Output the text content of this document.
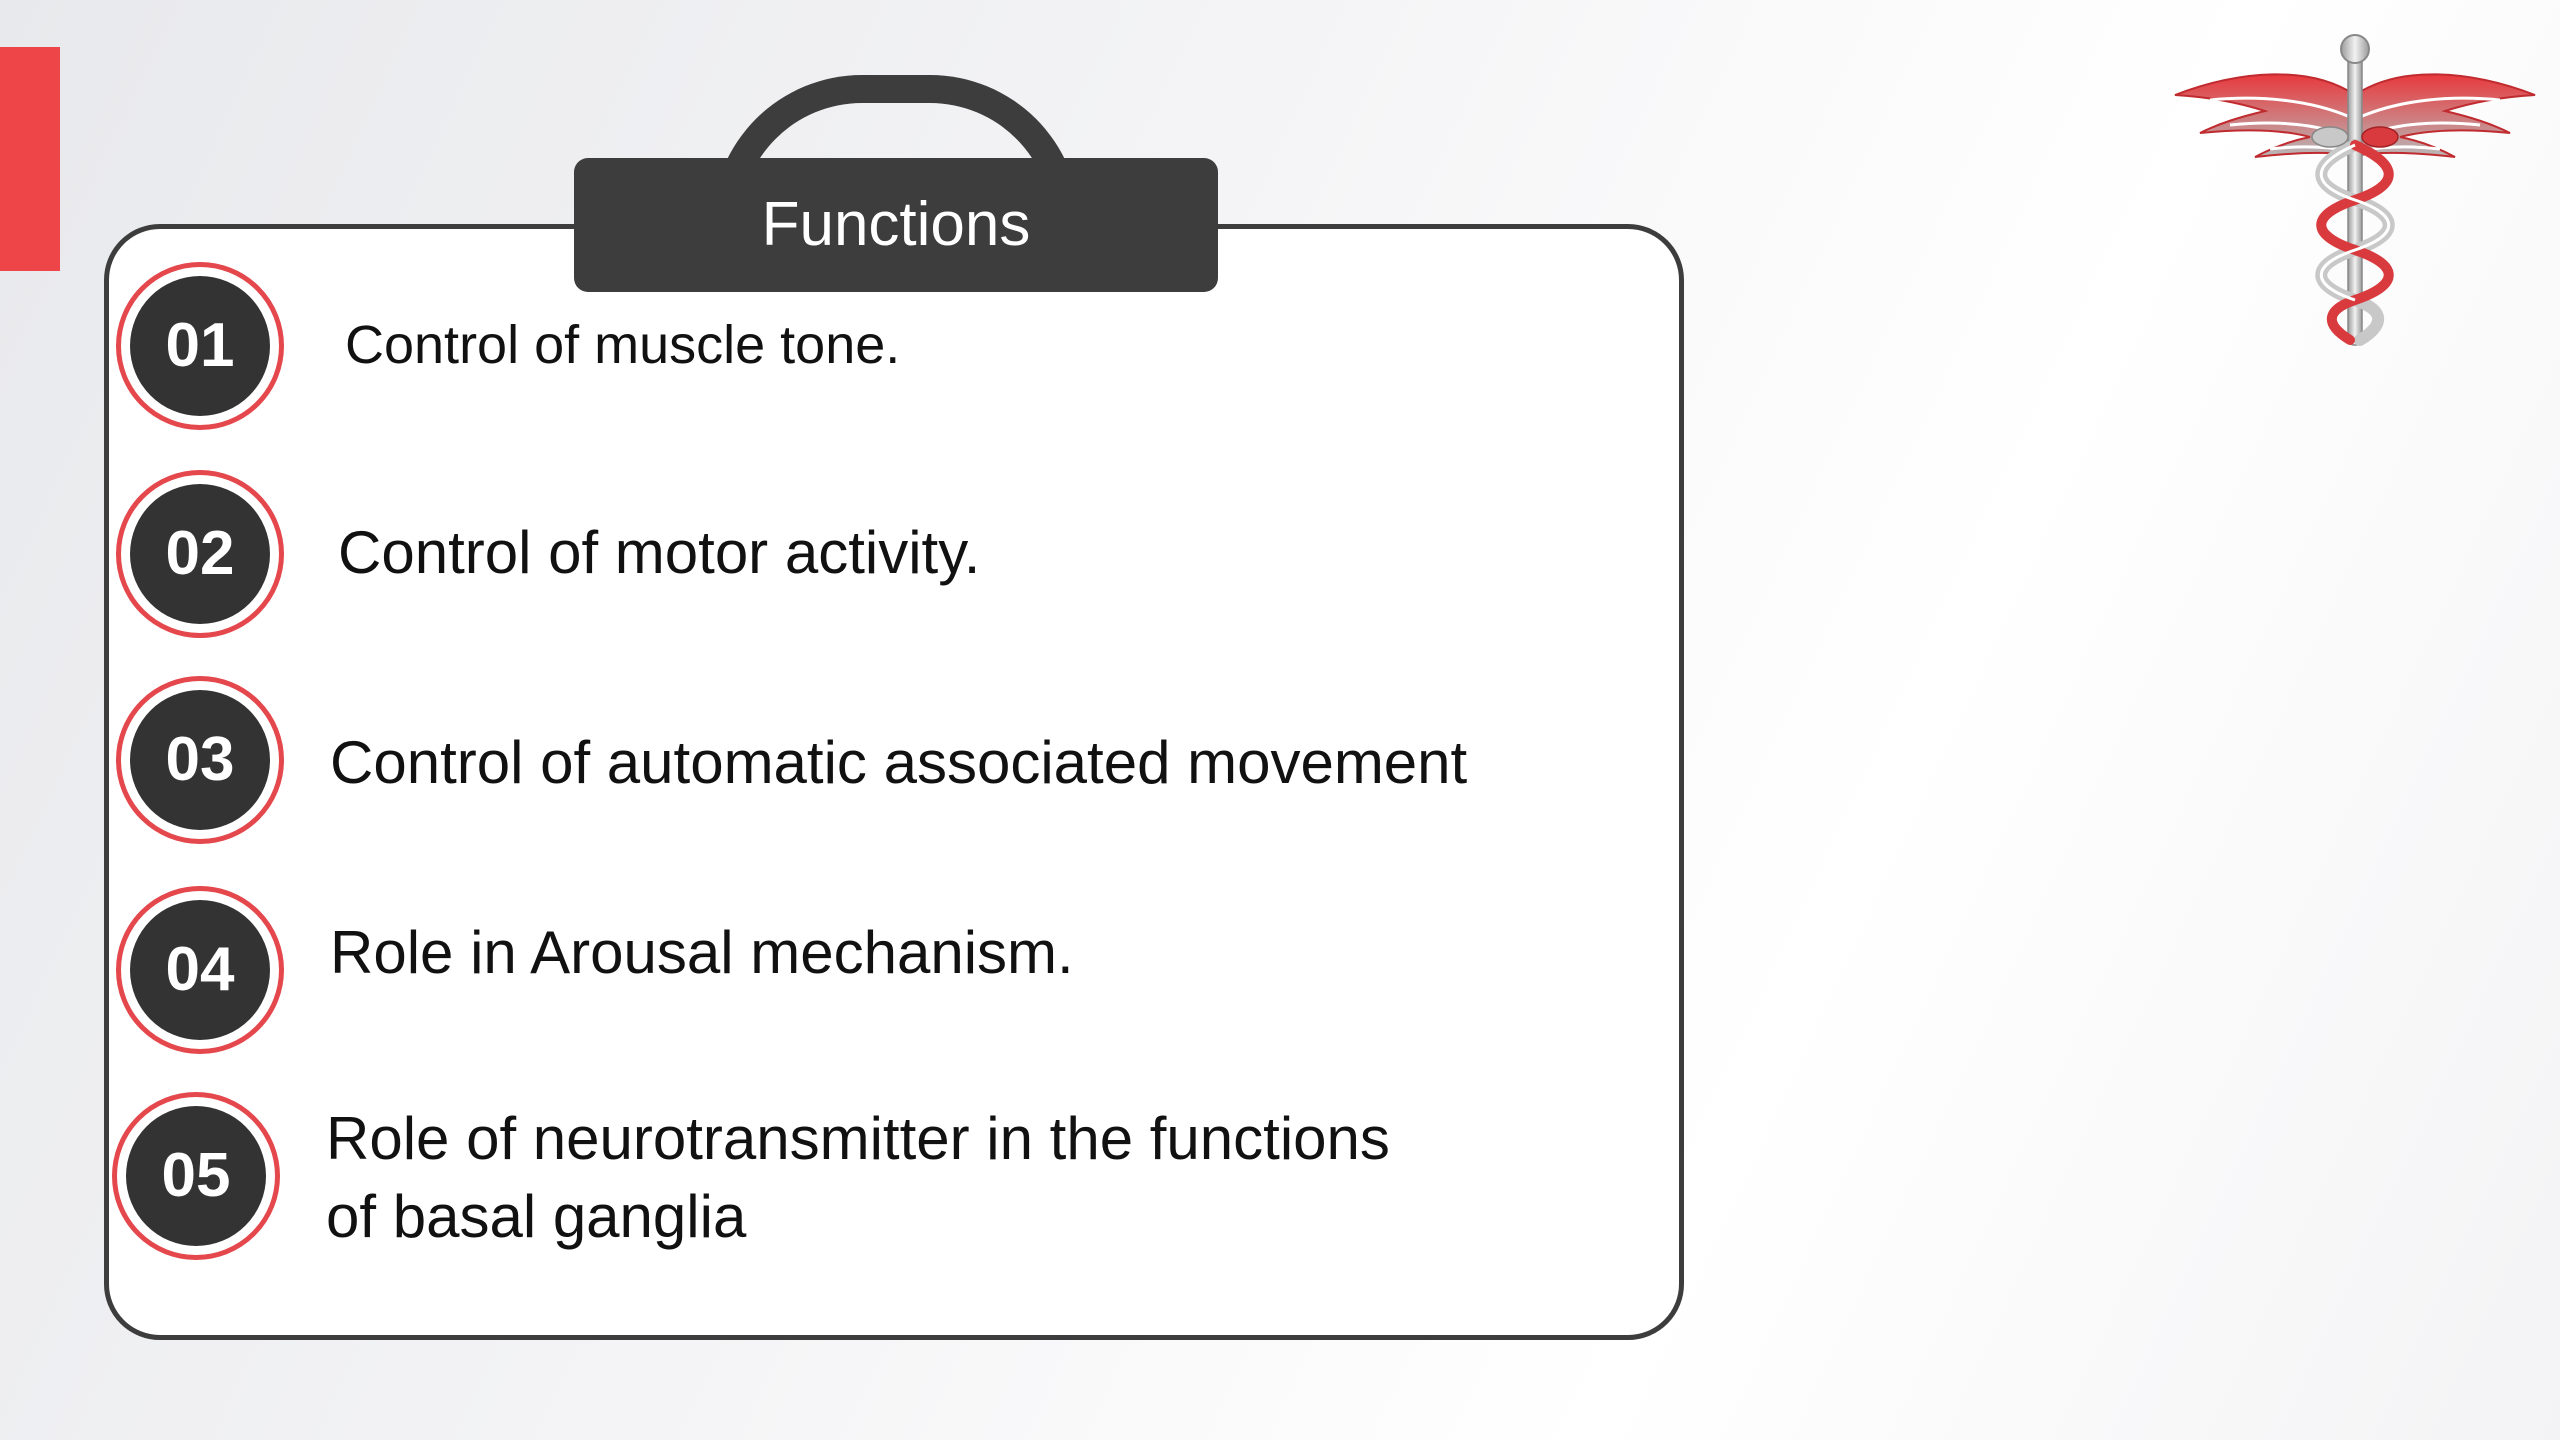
Functions
01 Control of muscle tone.
02 Control of motor activity.
03 Control of automatic associated movement
04 Role in Arousal mechanism.
05
Role of neurotransmitter in the functions
of basal ganglia
